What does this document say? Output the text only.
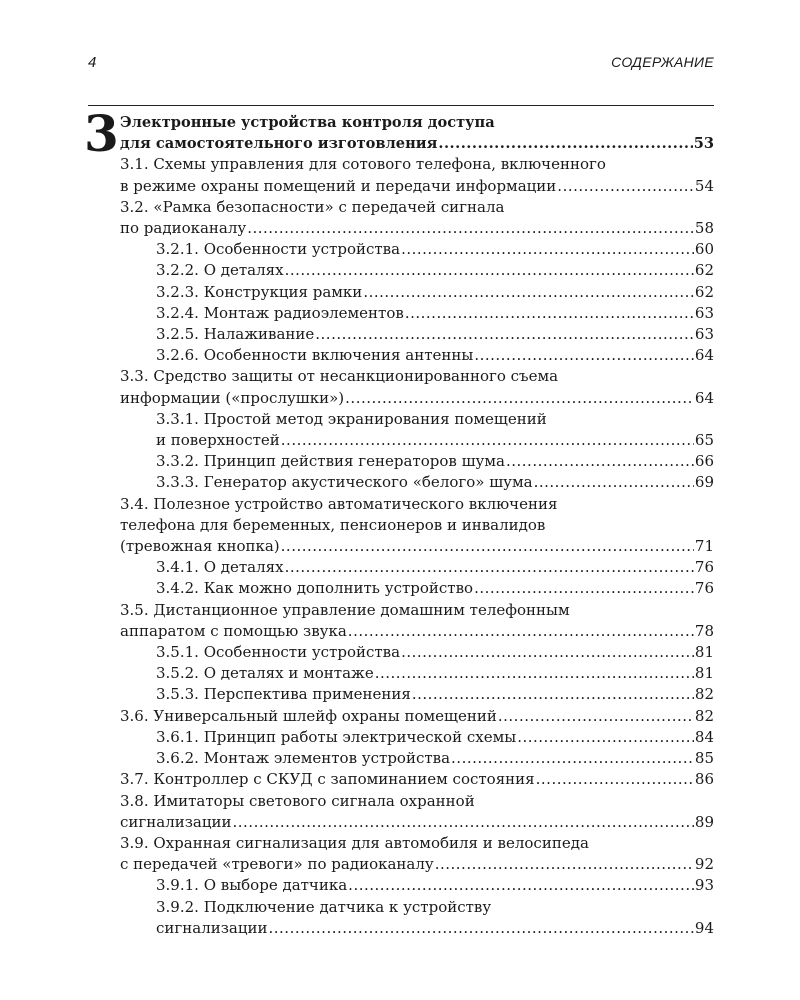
4	СОДЕРЖАНИЕ
3 Электронные устройства контроля доступа
для самостоятельного изготовления .....	53
3.1. Схемы управления для сотового телефона, включенного
в режиме охраны помещений и передачи информации .....	54
3.2. «Рамка безопасности» с передачей сигнала
по радиоканалу .....	58
3.2.1. Особенности устройства .....	60
3.2.2. О деталях .....	62
3.2.3. Конструкция рамки .....	62
3.2.4. Монтаж радиоэлементов .....	63
3.2.5. Налаживание .....	63
3.2.6. Особенности включения антенны .....	64
3.3. Средство защиты от несанкционированного съема
информации («прослушки») .....	64
3.3.1. Простой метод экранирования помещений
и поверхностей .....	65
3.3.2. Принцип действия генераторов шума .....	66
3.3.3. Генератор акустического «белого» шума .....	69
3.4. Полезное устройство автоматического включения
телефона для беременных, пенсионеров и инвалидов
(тревожная кнопка) .....	71
3.4.1. О деталях .....	76
3.4.2. Как можно дополнить устройство .....	76
3.5. Дистанционное управление домашним телефонным
аппаратом с помощью звука .....	78
3.5.1. Особенности устройства .....	81
3.5.2. О деталях и монтаже .....	81
3.5.3. Перспектива применения .....	82
3.6. Универсальный шлейф охраны помещений .....	82
3.6.1. Принцип работы электрической схемы .....	84
3.6.2. Монтаж элементов устройства .....	85
3.7. Контроллер с СКУД с запоминанием состояния .....	86
3.8. Имитаторы светового сигнала охранной
сигнализации .....	89
3.9. Охранная сигнализация для автомобиля и велосипеда
с передачей «тревоги» по радиоканалу .....	92
3.9.1. О выборе датчика .....	93
3.9.2. Подключение датчика к устройству
сигнализации .....	94
